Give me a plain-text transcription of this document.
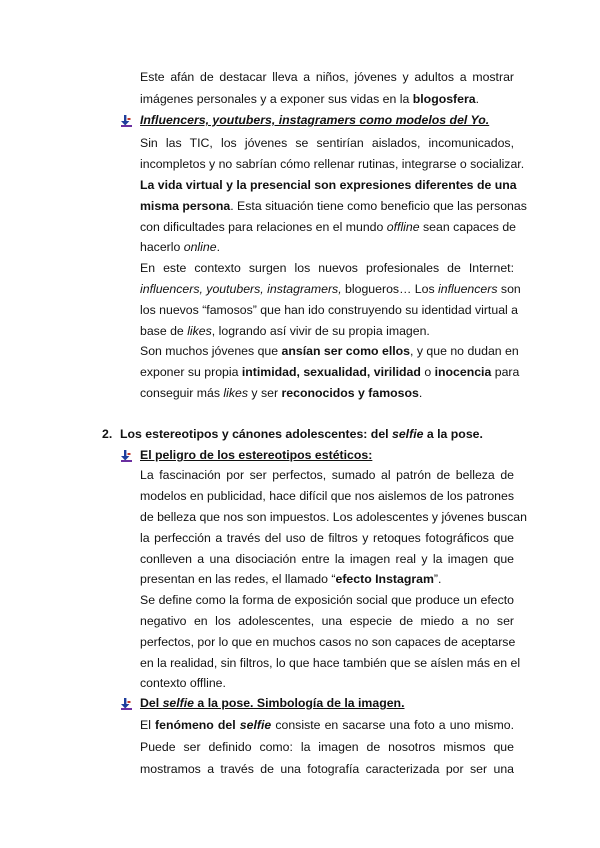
Este afán de destacar lleva a niños, jóvenes y adultos a mostrar
imágenes personales y a exponer sus vidas en la blogosfera.
Influencers, youtubers, instagramers como modelos del Yo.
Sin las TIC, los jóvenes se sentirían aislados, incomunicados,
incompletos y no sabrían cómo rellenar rutinas, integrarse o socializar.
La vida virtual y la presencial son expresiones diferentes de una
misma persona. Esta situación tiene como beneficio que las personas
con dificultades para relaciones en el mundo offline sean capaces de
hacerlo online.
En este contexto surgen los nuevos profesionales de Internet:
influencers, youtubers, instagramers, blogueros… Los influencers son
los nuevos “famosos” que han ido construyendo su identidad virtual a
base de likes, logrando así vivir de su propia imagen.
Son muchos jóvenes que ansían ser como ellos, y que no dudan en
exponer su propia intimidad, sexualidad, virilidad o inocencia para
conseguir más likes y ser reconocidos y famosos.
2. Los estereotipos y cánones adolescentes: del selfie a la pose.
El peligro de los estereotipos estéticos:
La fascinación por ser perfectos, sumado al patrón de belleza de
modelos en publicidad, hace difícil que nos aislemos de los patrones
de belleza que nos son impuestos. Los adolescentes y jóvenes buscan
la perfección a través del uso de filtros y retoques fotográficos que
conlleven a una disociación entre la imagen real y la imagen que
presentan en las redes, el llamado “efecto Instagram”.
Se define como la forma de exposición social que produce un efecto
negativo en los adolescentes, una especie de miedo a no ser
perfectos, por lo que en muchos casos no son capaces de aceptarse
en la realidad, sin filtros, lo que hace también que se aíslen más en el
contexto offline.
Del selfie a la pose. Simbología de la imagen.
El fenómeno del selfie consiste en sacarse una foto a uno mismo.
Puede ser definido como: la imagen de nosotros mismos que
mostramos a través de una fotografía caracterizada por ser una
